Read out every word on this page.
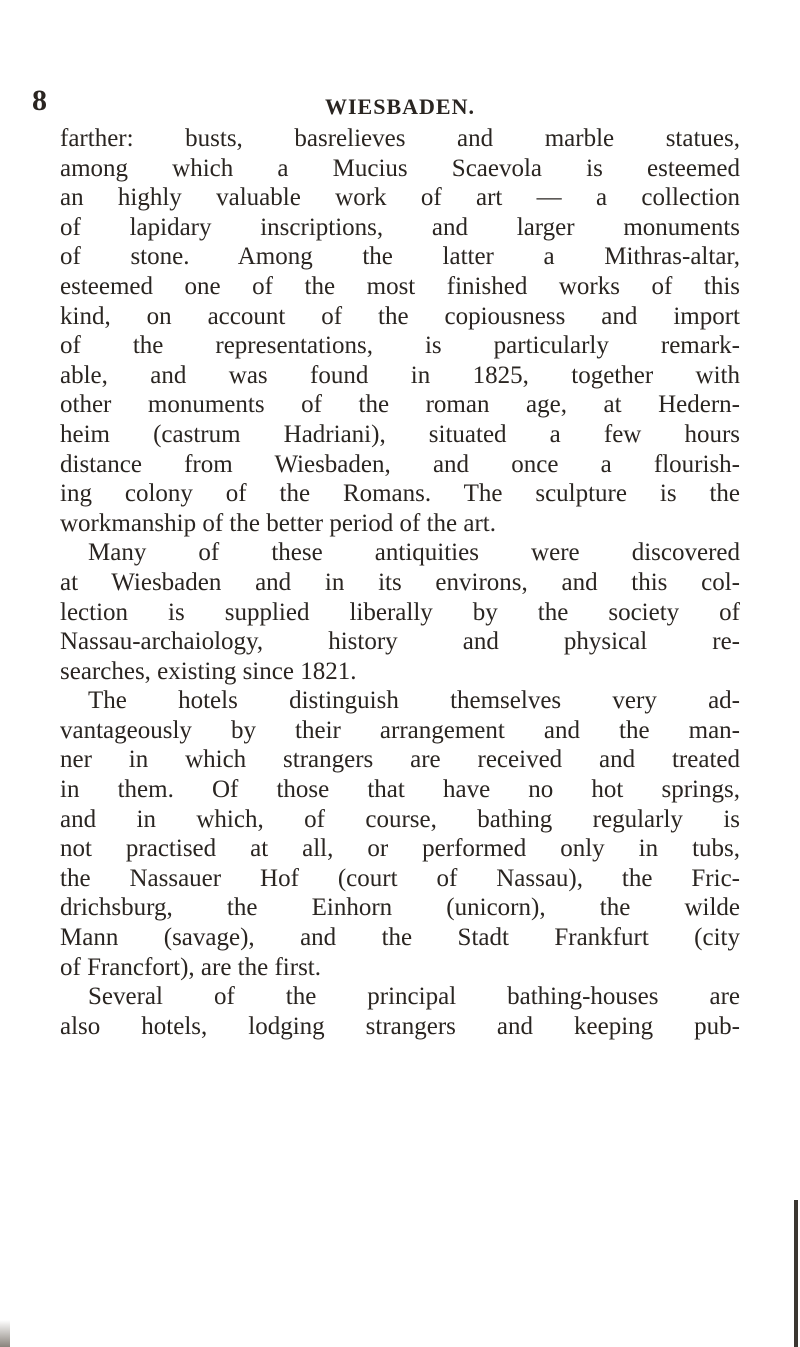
8	WIESBADEN.
farther: busts, basrelieves and marble statues,
among which a Mucius Scaevola is esteemed
an highly valuable work of art — a collection
of lapidary inscriptions, and larger monuments
of stone. Among the latter a Mithras-altar,
esteemed one of the most finished works of this
kind, on account of the copiousness and import
of the representations, is particularly remark-
able, and was found in 1825, together with
other monuments of the roman age, at Hedern-
heim (castrum Hadriani), situated a few hours
distance from Wiesbaden, and once a flourish-
ing colony of the Romans. The sculpture is the
workmanship of the better period of the art.
Many of these antiquities were discovered
at Wiesbaden and in its environs, and this col-
lection is supplied liberally by the society of
Nassau-archaiology, history and physical re-
searches, existing since 1821.
The hotels distinguish themselves very ad-
vantageously by their arrangement and the man-
ner in which strangers are received and treated
in them. Of those that have no hot springs,
and in which, of course, bathing regularly is
not practised at all, or performed only in tubs,
the Nassauer Hof (court of Nassau), the Fric-
drichsburg, the Einhorn (unicorn), the wilde
Mann (savage), and the Stadt Frankfurt (city
of Francfort), are the first.
Several of the principal bathing-houses are
also hotels, lodging strangers and keeping pub-
